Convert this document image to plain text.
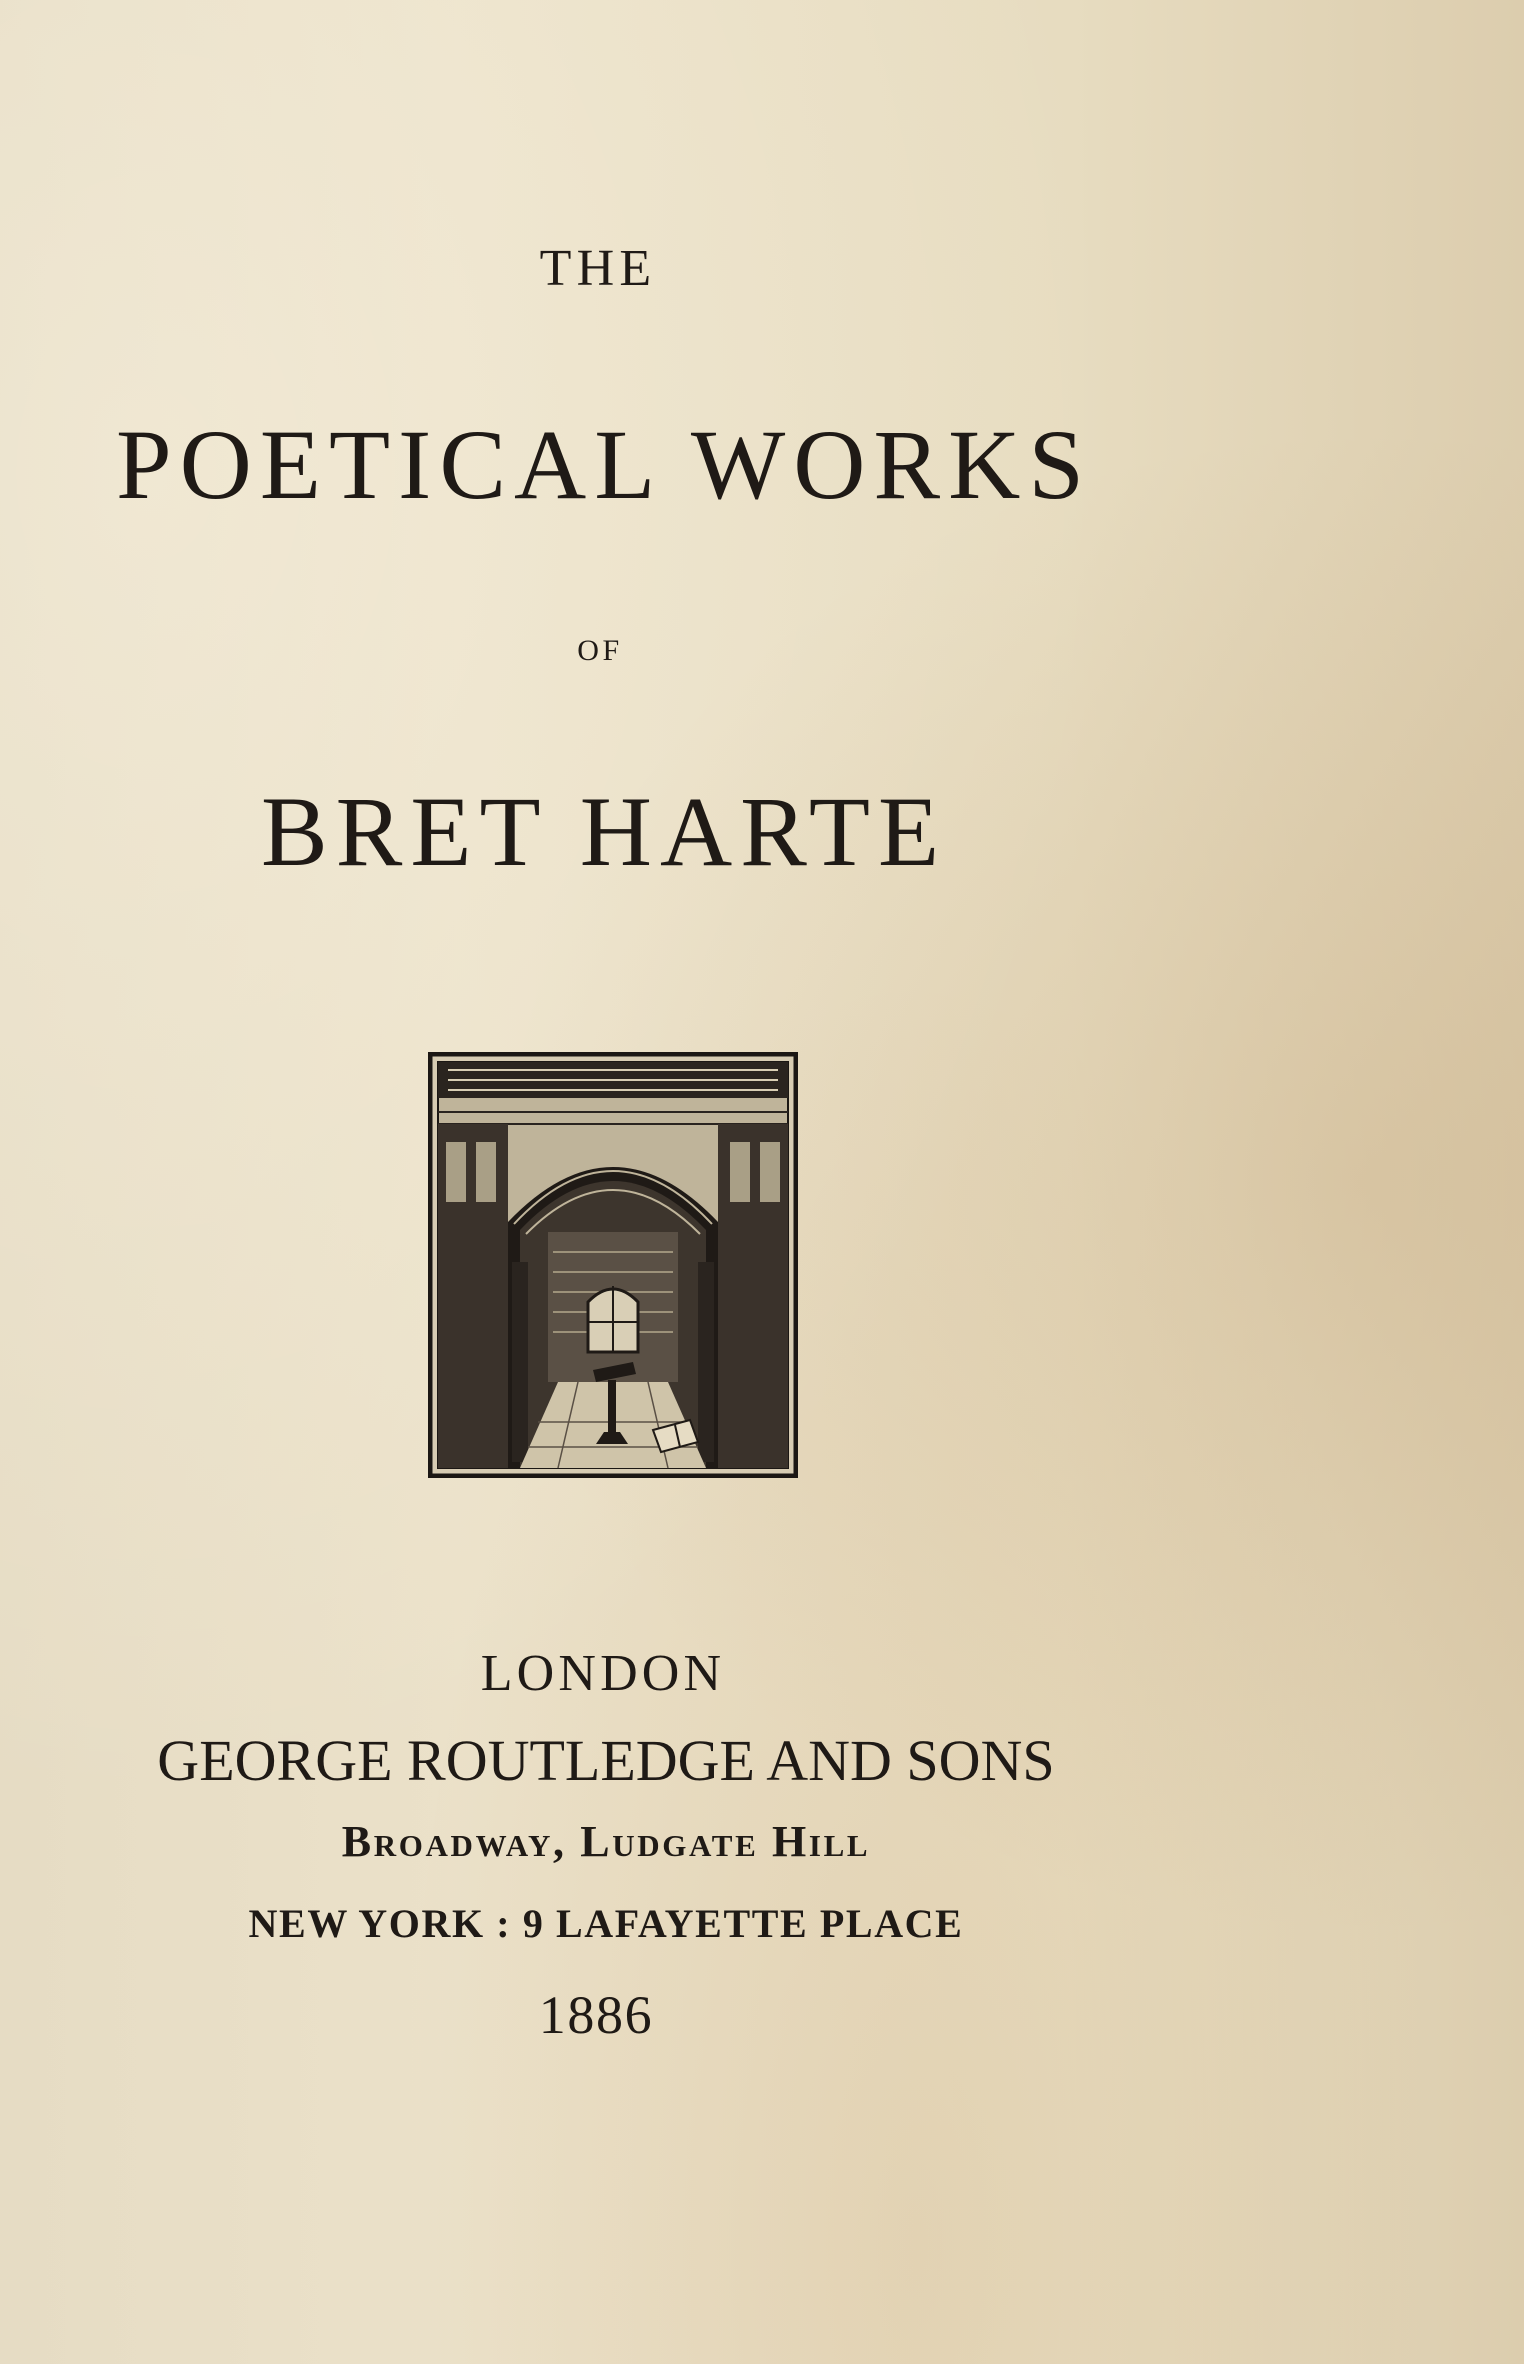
THE
POETICAL WORKS
OF
BRET HARTE
LONDON
GEORGE ROUTLEDGE AND SONS
Broadway, Ludgate Hill
NEW YORK : 9 LAFAYETTE PLACE
1886
